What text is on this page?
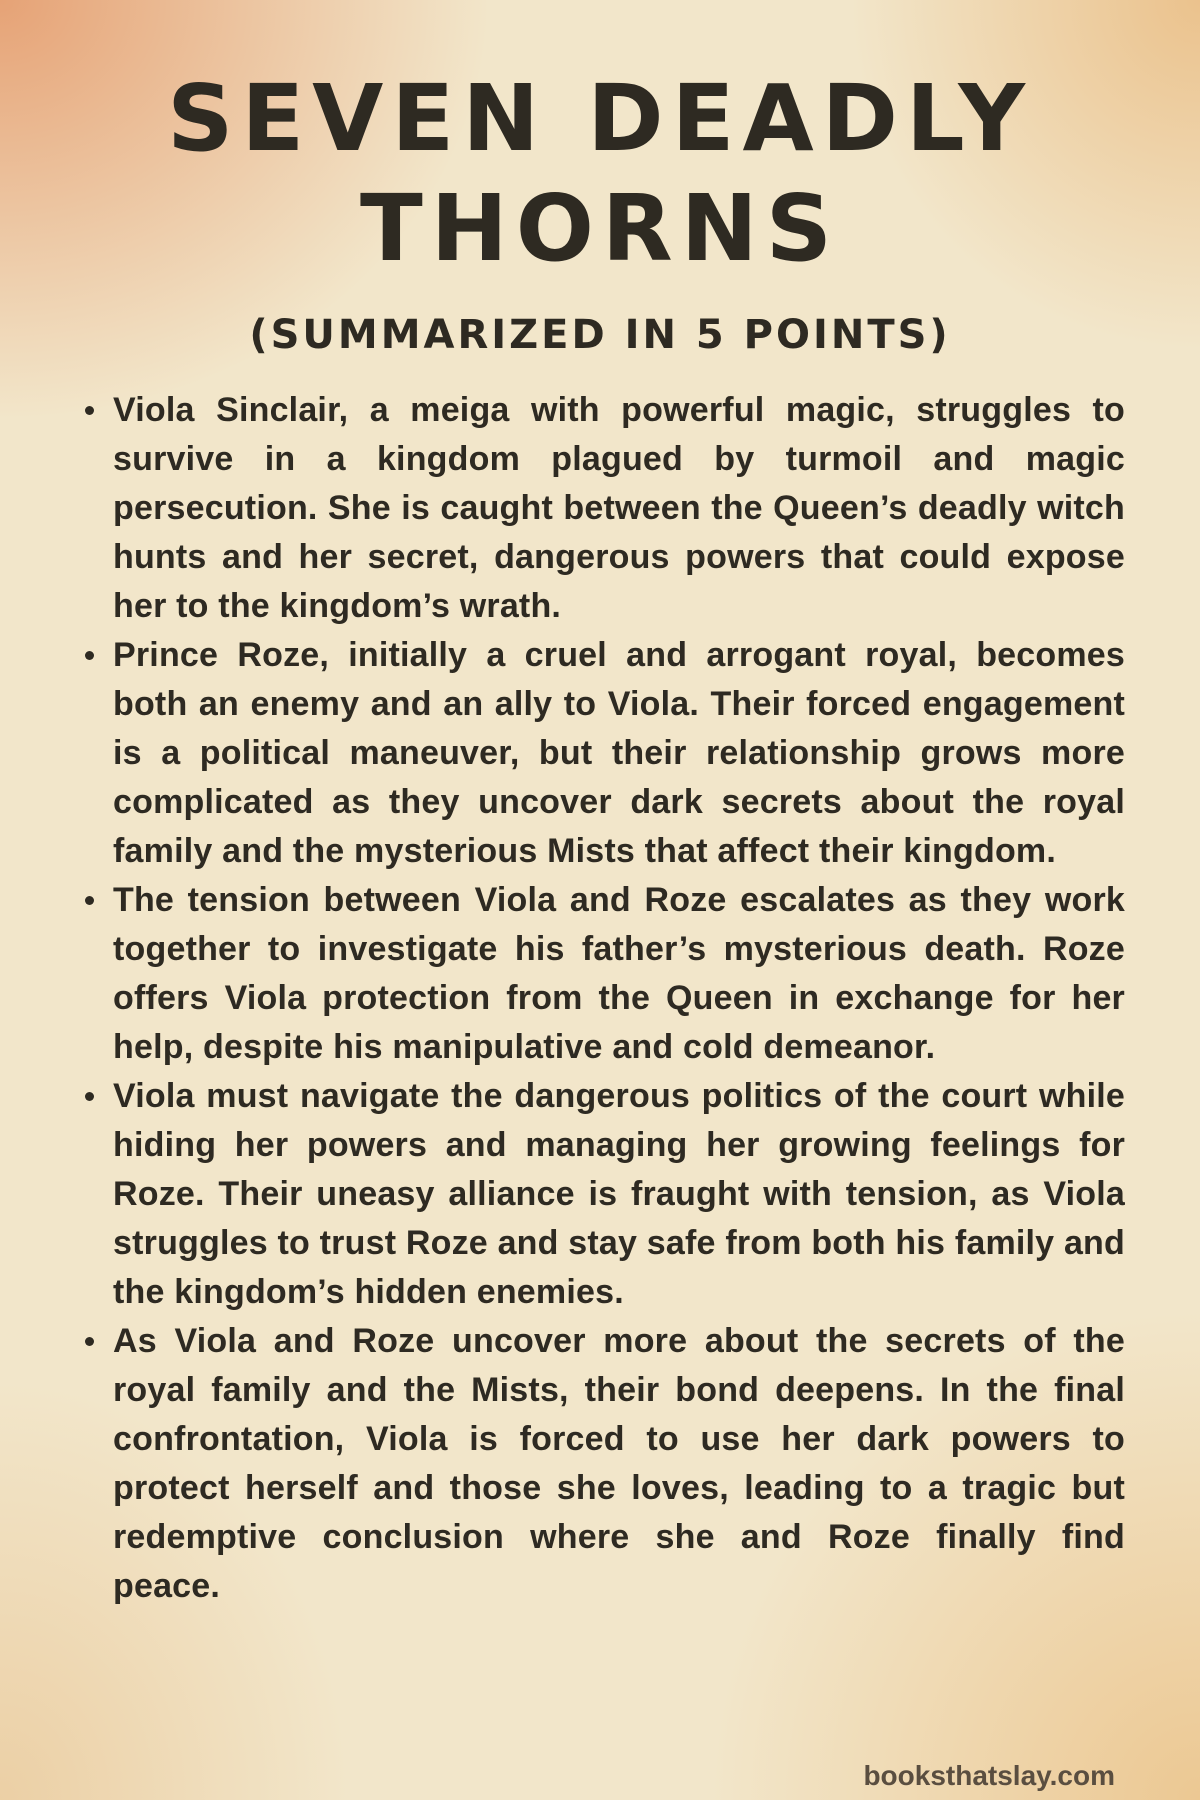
SEVEN DEADLY THORNS
(SUMMARIZED IN 5 POINTS)
Viola Sinclair, a meiga with powerful magic, struggles to survive in a kingdom plagued by turmoil and magic persecution. She is caught between the Queen’s deadly witch hunts and her secret, dangerous powers that could expose her to the kingdom’s wrath.
Prince Roze, initially a cruel and arrogant royal, becomes both an enemy and an ally to Viola. Their forced engagement is a political maneuver, but their relationship grows more complicated as they uncover dark secrets about the royal family and the mysterious Mists that affect their kingdom.
The tension between Viola and Roze escalates as they work together to investigate his father’s mysterious death. Roze offers Viola protection from the Queen in exchange for her help, despite his manipulative and cold demeanor.
Viola must navigate the dangerous politics of the court while hiding her powers and managing her growing feelings for Roze. Their uneasy alliance is fraught with tension, as Viola struggles to trust Roze and stay safe from both his family and the kingdom’s hidden enemies.
As Viola and Roze uncover more about the secrets of the royal family and the Mists, their bond deepens. In the final confrontation, Viola is forced to use her dark powers to protect herself and those she loves, leading to a tragic but redemptive conclusion where she and Roze finally find peace.
booksthatslay.com
